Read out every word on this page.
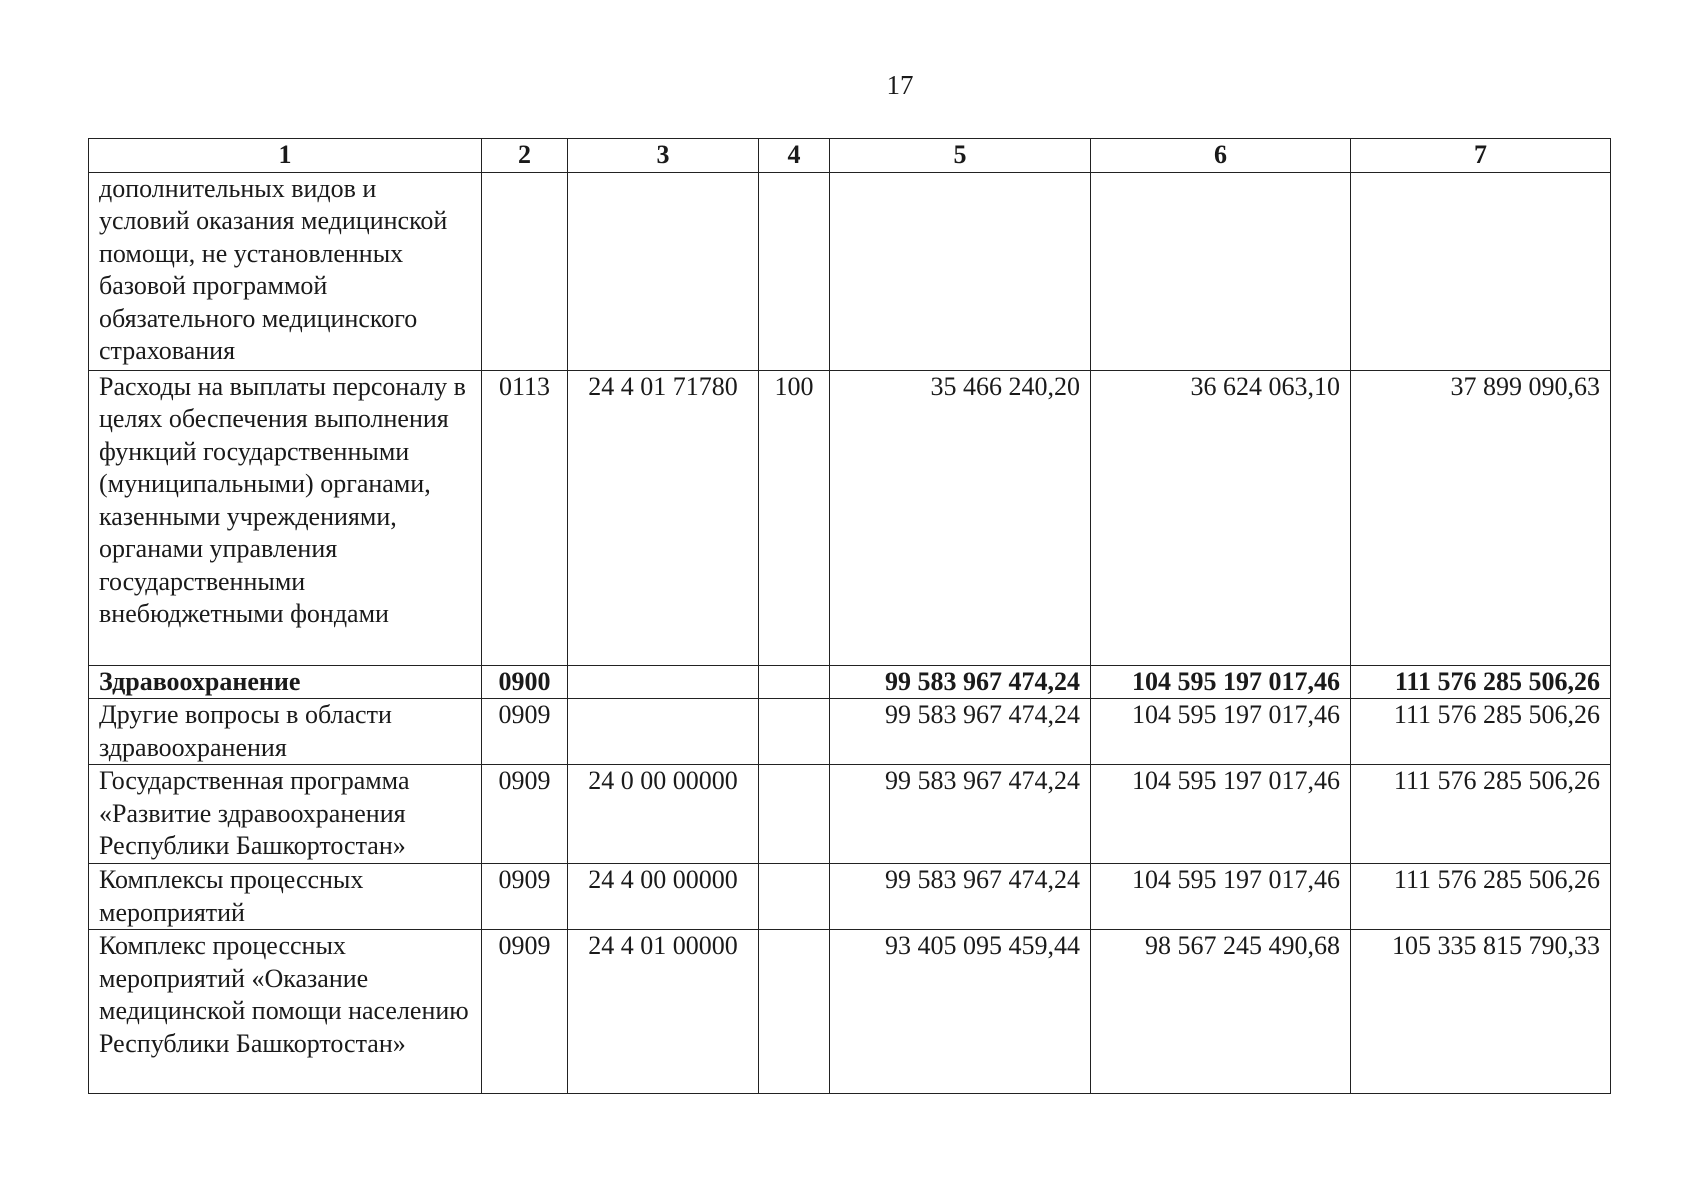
17
1	2	3	4	5	6	7
дополнительных видов и условий оказания медицинской помощи, не установленных базовой программой обязательного медицинского страхования						
Расходы на выплаты персоналу в целях обеспечения выполнения функций государственными (муниципальными) органами, казенными учреждениями, органами управления государственными внебюджетными фондами	0113	24 4 01 71780	100	35 466 240,20	36 624 063,10	37 899 090,63
Здравоохранение	0900			99 583 967 474,24	104 595 197 017,46	111 576 285 506,26
Другие вопросы в области здравоохранения	0909			99 583 967 474,24	104 595 197 017,46	111 576 285 506,26
Государственная программа «Развитие здравоохранения Республики Башкортостан»	0909	24 0 00 00000		99 583 967 474,24	104 595 197 017,46	111 576 285 506,26
Комплексы процессных мероприятий	0909	24 4 00 00000		99 583 967 474,24	104 595 197 017,46	111 576 285 506,26
Комплекс процессных мероприятий «Оказание медицинской помощи населению Республики Башкортостан»	0909	24 4 01 00000		93 405 095 459,44	98 567 245 490,68	105 335 815 790,33
